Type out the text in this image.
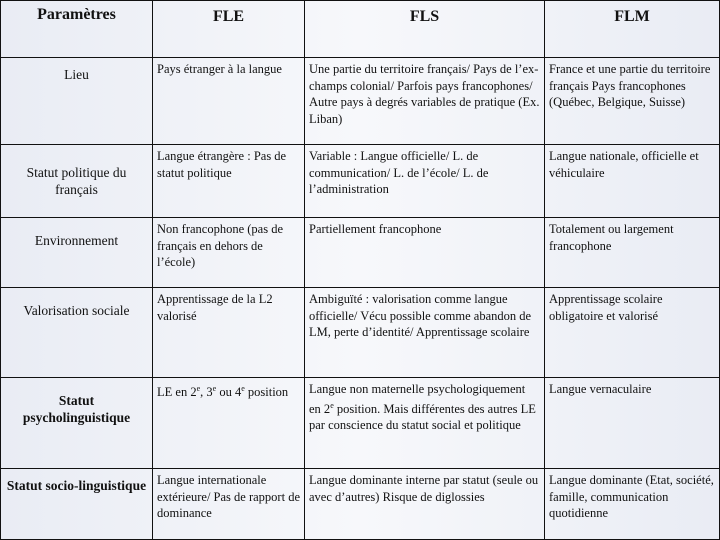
Paramètres	FLE	FLS	FLM
Lieu	Pays étranger à la langue	Une partie du territoire français/ Pays de l’ex-champs colonial/ Parfois pays francophones/ Autre pays à degrés variables de pratique (Ex. Liban)	France et une partie du territoire français Pays francophones (Québec, Belgique, Suisse)
Statut politique du français	Langue étrangère : Pas de statut politique	Variable : Langue officielle/ L. de communication/ L. de l’école/ L. de l’administration	Langue nationale, officielle et véhiculaire
Environnement	Non francophone (pas de français en dehors de l’école)	Partiellement francophone	Totalement ou largement francophone
Valorisation sociale	Apprentissage de la L2 valorisé	Ambiguïté : valorisation comme langue officielle/ Vécu possible comme abandon de LM, perte d’identité/ Apprentissage scolaire	Apprentissage scolaire obligatoire et valorisé
Statut psycholinguistique	LE en 2e, 3e ou 4e position	Langue non maternelle psychologiquement en 2e position. Mais différentes des autres LE par conscience du statut social et politique	Langue vernaculaire
Statut socio-linguistique	Langue internationale extérieure/ Pas de rapport de dominance	Langue dominante interne par statut (seule ou avec d’autres) Risque de diglossies	Langue dominante (Etat, société, famille, communication quotidienne
